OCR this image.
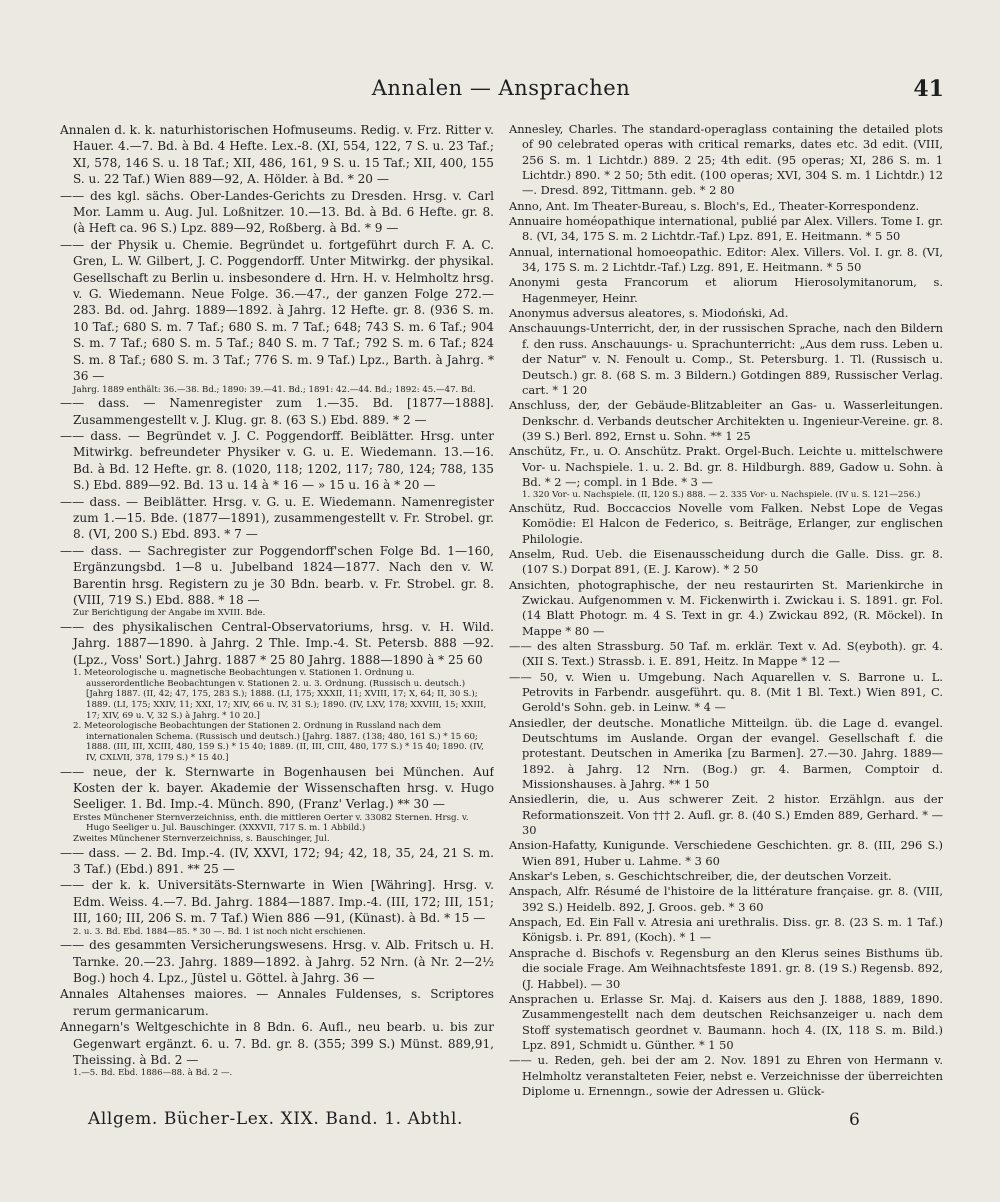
Annalen — Ansprachen	41
Annalen d. k. k. naturhistorischen Hofmuseums. Redig. v. Frz. Ritter v. Hauer. 4.—7. Bd. à Bd. 4 Hefte. Lex.-8. (XI, 554, 122, 7 S. u. 23 Taf.; XI, 578, 146 S. u. 18 Taf.; XII, 486, 161, 9 S. u. 15 Taf.; XII, 400, 155 S. u. 22 Taf.) Wien 889—92, A. Hölder. à Bd. * 20 —
—— des kgl. sächs. Ober-Landes-Gerichts zu Dresden. Hrsg. v. Carl Mor. Lamm u. Aug. Jul. Loßnitzer. 10.—13. Bd. à Bd. 6 Hefte. gr. 8. (à Heft ca. 96 S.) Lpz. 889—92, Roßberg. à Bd. * 9 —
—— der Physik u. Chemie. Begründet u. fortgeführt durch F. A. C. Gren, L. W. Gilbert, J. C. Poggendorff. Unter Mitwirkg. der physikal. Gesellschaft zu Berlin u. insbesondere d. Hrn. H. v. Helmholtz hrsg. v. G. Wiedemann. Neue Folge. 36.—47., der ganzen Folge 272.—283. Bd. od. Jahrg. 1889—1892. à Jahrg. 12 Hefte. gr. 8. (936 S. m. 10 Taf.; 680 S. m. 7 Taf.; 680 S. m. 7 Taf.; 648; 743 S. m. 6 Taf.; 904 S. m. 7 Taf.; 680 S. m. 5 Taf.; 840 S. m. 7 Taf.; 792 S. m. 6 Taf.; 824 S. m. 8 Taf.; 680 S. m. 3 Taf.; 776 S. m. 9 Taf.) Lpz., Barth. à Jahrg. * 36 —
Jahrg. 1889 enthält: 36.—38. Bd.; 1890: 39.—41. Bd.; 1891: 42.—44. Bd.; 1892: 45.—47. Bd.
—— dass. — Namenregister zum 1.—35. Bd. [1877—1888]. Zusammengestellt v. J. Klug. gr. 8. (63 S.) Ebd. 889. * 2 —
—— dass. — Begründet v. J. C. Poggendorff. Beiblätter. Hrsg. unter Mitwirkg. befreundeter Physiker v. G. u. E. Wiedemann. 13.—16. Bd. à Bd. 12 Hefte. gr. 8. (1020, 118; 1202, 117; 780, 124; 788, 135 S.) Ebd. 889—92. Bd. 13 u. 14 à * 16 — » 15 u. 16 à * 20 —
—— dass. — Beiblätter. Hrsg. v. G. u. E. Wiedemann. Namenregister zum 1.—15. Bde. (1877—1891), zusammengestellt v. Fr. Strobel. gr. 8. (VI, 200 S.) Ebd. 893. * 7 —
—— dass. — Sachregister zur Poggendorff'schen Folge Bd. 1—160, Ergänzungsbd. 1—8 u. Jubelband 1824—1877. Nach den v. W. Barentin hrsg. Registern zu je 30 Bdn. bearb. v. Fr. Strobel. gr. 8. (VIII, 719 S.) Ebd. 888. * 18 —
Zur Berichtigung der Angabe im XVIII. Bde.
—— des physikalischen Central-Observatoriums, hrsg. v. H. Wild. Jahrg. 1887—1890. à Jahrg. 2 Thle. Imp.-4. St. Petersb. 888 —92. (Lpz., Voss' Sort.) Jahrg. 1887 * 25 80 Jahrg. 1888—1890 à * 25 60
1. Meteorologische u. magnetische Beobachtungen v. Stationen 1. Ordnung u. ausserordentliche Beobachtungen v. Stationen 2. u. 3. Ordnung. (Russisch u. deutsch.) [Jahrg 1887. (II, 42; 47, 175, 283 S.); 1888. (LI, 175; XXXII, 11; XVIII, 17; X, 64; II, 30 S.); 1889. (LI, 175; XXIV, 11; XXI, 17; XIV, 66 u. IV, 31 S.); 1890. (IV, LXV, 178; XXVIII, 15; XXIII, 17; XIV, 69 u. V, 32 S.) à Jahrg. * 10 20.]
2. Meteorologische Beobachtungen der Stationen 2. Ordnung in Russland nach dem internationalen Schema. (Russisch und deutsch.) [Jahrg. 1887. (138; 480, 161 S.) * 15 60; 1888. (III, III, XCIII, 480, 159 S.) * 15 40; 1889. (II, III, CIII, 480, 177 S.) * 15 40; 1890. (IV, IV, CXLVII, 378, 179 S.) * 15 40.]
—— neue, der k. Sternwarte in Bogenhausen bei München. Auf Kosten der k. bayer. Akademie der Wissenschaften hrsg. v. Hugo Seeliger. 1. Bd. Imp.-4. Münch. 890, (Franz' Verlag.) ** 30 —
Erstes Münchener Sternverzeichniss, enth. die mittleren Oerter v. 33082 Sternen. Hrsg. v. Hugo Seeliger u. Jul. Bauschinger. (XXXVII, 717 S. m. 1 Abbild.)
Zweites Münchener Sternverzeichniss, s. Bauschinger, Jul.
—— dass. — 2. Bd. Imp.-4. (IV, XXVI, 172; 94; 42, 18, 35, 24, 21 S. m. 3 Taf.) (Ebd.) 891. ** 25 —
—— der k. k. Universitäts-Sternwarte in Wien [Währing]. Hrsg. v. Edm. Weiss. 4.—7. Bd. Jahrg. 1884—1887. Imp.-4. (III, 172; III, 151; III, 160; III, 206 S. m. 7 Taf.) Wien 886 —91, (Künast). à Bd. * 15 —
2. u. 3. Bd. Ebd. 1884—85. * 30 —. Bd. 1 ist noch nicht erschienen.
—— des gesammten Versicherungswesens. Hrsg. v. Alb. Fritsch u. H. Tarnke. 20.—23. Jahrg. 1889—1892. à Jahrg. 52 Nrn. (à Nr. 2—2½ Bog.) hoch 4. Lpz., Jüstel u. Göttel. à Jahrg. 36 —
Annales Altahenses maiores. — Annales Fuldenses, s. Scriptores rerum germanicarum.
Annegarn's Weltgeschichte in 8 Bdn. 6. Aufl., neu bearb. u. bis zur Gegenwart ergänzt. 6. u. 7. Bd. gr. 8. (355; 399 S.) Münst. 889,91, Theissing. à Bd. 2 —
1.—5. Bd. Ebd. 1886—88. à Bd. 2 —.
Annesley, Charles. The standard-operaglass containing the detailed plots of 90 celebrated operas with critical remarks, dates etc. 3d edit. (VIII, 256 S. m. 1 Lichtdr.) 889. 2 25; 4th edit. (95 operas; XI, 286 S. m. 1 Lichtdr.) 890. * 2 50; 5th edit. (100 operas; XVI, 304 S. m. 1 Lichtdr.) 12 —. Dresd. 892, Tittmann. geb. * 2 80
Anno, Ant. Im Theater-Bureau, s. Bloch's, Ed., Theater-Korrespondenz.
Annuaire homéopathique international, publié par Alex. Villers. Tome I. gr. 8. (VI, 34, 175 S. m. 2 Lichtdr.-Taf.) Lpz. 891, E. Heitmann. * 5 50
Annual, international homoeopathic. Editor: Alex. Villers. Vol. I. gr. 8. (VI, 34, 175 S. m. 2 Lichtdr.-Taf.) Lzg. 891, E. Heitmann. * 5 50
Anonymi gesta Francorum et aliorum Hierosolymitanorum, s. Hagenmeyer, Heinr.
Anonymus adversus aleatores, s. Miodoński, Ad.
Anschauungs-Unterricht, der, in der russischen Sprache, nach den Bildern f. den russ. Anschauungs- u. Sprachunterricht: „Aus dem russ. Leben u. der Natur" v. N. Fenoult u. Comp., St. Petersburg. 1. Tl. (Russisch u. Deutsch.) gr. 8. (68 S. m. 3 Bildern.) Gotdingen 889, Russischer Verlag. cart. * 1 20
Anschluss, der, der Gebäude-Blitzableiter an Gas- u. Wasserleitungen. Denkschr. d. Verbands deutscher Architekten u. Ingenieur-Vereine. gr. 8. (39 S.) Berl. 892, Ernst u. Sohn. ** 1 25
Anschütz, Fr., u. O. Anschütz. Prakt. Orgel-Buch. Leichte u. mittelschwere Vor- u. Nachspiele. 1. u. 2. Bd. gr. 8. Hildburgh. 889, Gadow u. Sohn. à Bd. * 2 —; compl. in 1 Bde. * 3 —
1. 320 Vor- u. Nachspiele. (II, 120 S.) 888. — 2. 335 Vor- u. Nachspiele. (IV u. S. 121—256.)
Anschütz, Rud. Boccaccios Novelle vom Falken. Nebst Lope de Vegas Komödie: El Halcon de Federico, s. Beiträge, Erlanger, zur englischen Philologie.
Anselm, Rud. Ueb. die Eisenausscheidung durch die Galle. Diss. gr. 8. (107 S.) Dorpat 891, (E. J. Karow). * 2 50
Ansichten, photographische, der neu restaurirten St. Marienkirche in Zwickau. Aufgenommen v. M. Fickenwirth i. Zwickau i. S. 1891. gr. Fol. (14 Blatt Photogr. m. 4 S. Text in gr. 4.) Zwickau 892, (R. Möckel). In Mappe * 80 —
—— des alten Strassburg. 50 Taf. m. erklär. Text v. Ad. S(eyboth). gr. 4. (XII S. Text.) Strassb. i. E. 891, Heitz. In Mappe * 12 —
—— 50, v. Wien u. Umgebung. Nach Aquarellen v. S. Barrone u. L. Petrovits in Farbendr. ausgeführt. qu. 8. (Mit 1 Bl. Text.) Wien 891, C. Gerold's Sohn. geb. in Leinw. * 4 —
Ansiedler, der deutsche. Monatliche Mitteilgn. üb. die Lage d. evangel. Deutschtums im Auslande. Organ der evangel. Gesellschaft f. die protestant. Deutschen in Amerika [zu Barmen]. 27.—30. Jahrg. 1889—1892. à Jahrg. 12 Nrn. (Bog.) gr. 4. Barmen, Comptoir d. Missionshauses. à Jahrg. ** 1 50
Ansiedlerin, die, u. Aus schwerer Zeit. 2 histor. Erzählgn. aus der Reformationszeit. Von ††† 2. Aufl. gr. 8. (40 S.) Emden 889, Gerhard. * — 30
Ansion-Hafatty, Kunigunde. Verschiedene Geschichten. gr. 8. (III, 296 S.) Wien 891, Huber u. Lahme. * 3 60
Anskar's Leben, s. Geschichtschreiber, die, der deutschen Vorzeit.
Anspach, Alfr. Résumé de l'histoire de la littérature française. gr. 8. (VIII, 392 S.) Heidelb. 892, J. Groos. geb. * 3 60
Anspach, Ed. Ein Fall v. Atresia ani urethralis. Diss. gr. 8. (23 S. m. 1 Taf.) Königsb. i. Pr. 891, (Koch). * 1 —
Ansprache d. Bischofs v. Regensburg an den Klerus seines Bisthums üb. die sociale Frage. Am Weihnachtsfeste 1891. gr. 8. (19 S.) Regensb. 892, (J. Habbel). — 30
Ansprachen u. Erlasse Sr. Maj. d. Kaisers aus den J. 1888, 1889, 1890. Zusammengestellt nach dem deutschen Reichsanzeiger u. nach dem Stoff systematisch geordnet v. Baumann. hoch 4. (IX, 118 S. m. Bild.) Lpz. 891, Schmidt u. Günther. * 1 50
—— u. Reden, geh. bei der am 2. Nov. 1891 zu Ehren von Hermann v. Helmholtz veranstalteten Feier, nebst e. Verzeichnisse der überreichten Diplome u. Ernenngn., sowie der Adressen u. Glück-
Allgem. Bücher-Lex. XIX. Band. 1. Abthl.	6
